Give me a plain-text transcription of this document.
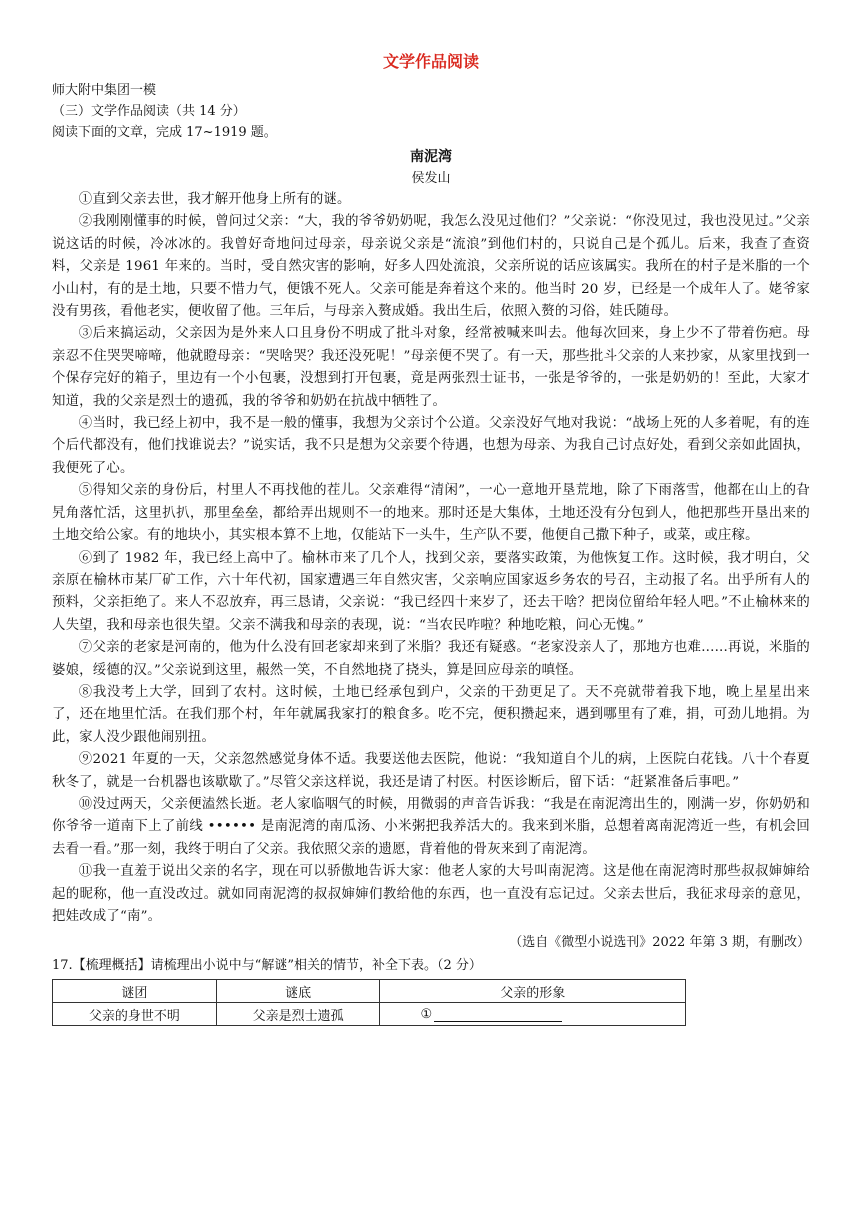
文学作品阅读
师大附中集团一模
（三）文学作品阅读（共 14 分）
阅读下面的文章，完成 17~1919 题。
南泥湾
侯发山

①直到父亲去世，我才解开他身上所有的谜。

②我刚刚懂事的时候，曾问过父亲：“大，我的爷爷奶奶呢，我怎么没见过他们？”父亲说：“你没见过，我也没见过。”父亲说这话的时候，冷冰冰的。我曾好奇地问过母亲，母亲说父亲是“流浪”到他们村的，只说自己是个孤儿。后来，我查了查资料，父亲是 1961 年来的。当时，受自然灾害的影响，好多人四处流浪，父亲所说的话应该属实。我所在的村子是米脂的一个小山村，有的是土地，只要不惜力气，便饿不死人。父亲可能是奔着这个来的。他当时 20 岁，已经是一个成年人了。姥爷家没有男孩，看他老实，便收留了他。三年后，与母亲入赘成婚。我出生后，依照入赘的习俗，娃氏随母。

③后来搞运动，父亲因为是外来人口且身份不明成了批斗对象，经常被喊来叫去。他每次回来，身上少不了带着伤疤。母亲忍不住哭哭啼啼，他就瞪母亲：“哭啥哭？我还没死呢！”母亲便不哭了。有一天，那些批斗父亲的人来抄家，从家里找到一个保存完好的箱子，里边有一个小包裹，没想到打开包裹，竟是两张烈士证书，一张是爷爷的，一张是奶奶的！至此，大家才知道，我的父亲是烈士的遗孤，我的爷爷和奶奶在抗战中牺牲了。

④当时，我已经上初中，我不是一般的懂事，我想为父亲讨个公道。父亲没好气地对我说：“战场上死的人多着呢，有的连个后代都没有，他们找谁说去？”说实话，我不只是想为父亲要个待遇，也想为母亲、为我自己讨点好处，看到父亲如此固执，我便死了心。

⑤得知父亲的身份后，村里人不再找他的茬儿。父亲难得“清闲”，一心一意地开垦荒地，除了下雨落雪，他都在山上的旮旯角落忙活，这里扒扒，那里垒垒，都给弄出规则不一的地来。那时还是大集体，土地还没有分包到人，他把那些开垦出来的土地交给公家。有的地块小，其实根本算不上地，仅能站下一头牛，生产队不要，他便自己撒下种子，或菜，或庄稼。

⑥到了 1982 年，我已经上高中了。榆林市来了几个人，找到父亲，要落实政策，为他恢复工作。这时候，我才明白，父亲原在榆林市某厂矿工作，六十年代初，国家遭遇三年自然灾害，父亲响应国家返乡务农的号召，主动报了名。出乎所有人的预料，父亲拒绝了。来人不忍放弃，再三恳请，父亲说：“我已经四十来岁了，还去干啥？把岗位留给年轻人吧。”不止榆林来的人失望，我和母亲也很失望。父亲不满我和母亲的表现，说：“当农民咋啦？种地吃粮，问心无愧。”

⑦父亲的老家是河南的，他为什么没有回老家却来到了米脂？我还有疑惑。“老家没亲人了，那地方也难......再说，米脂的婆娘，绥德的汉。”父亲说到这里，赧然一笑，不自然地挠了挠头，算是回应母亲的嗔怪。

⑧我没考上大学，回到了农村。这时候，土地已经承包到户，父亲的干劲更足了。天不亮就带着我下地，晚上星星出来了，还在地里忙活。在我们那个村，年年就属我家打的粮食多。吃不完，便积攒起来，遇到哪里有了难，捐，可劲儿地捐。为此，家人没少跟他闹别扭。

⑨2021 年夏的一天，父亲忽然感觉身体不适。我要送他去医院，他说：“我知道自个儿的病，上医院白花钱。八十个春夏秋冬了，就是一台机器也该歇歇了。”尽管父亲这样说，我还是请了村医。村医诊断后，留下话：“赶紧准备后事吧。”

⑩没过两天，父亲便溘然长逝。老人家临咽气的时候，用微弱的声音告诉我：“我是在南泥湾出生的，刚满一岁，你奶奶和你爷爷一道南下上了前线 •••••• 是南泥湾的南瓜汤、小米粥把我养活大的。我来到米脂，总想着离南泥湾近一些，有机会回去看一看。”那一刻，我终于明白了父亲。我依照父亲的遗愿，背着他的骨灰来到了南泥湾。

⑪我一直羞于说出父亲的名字，现在可以骄傲地告诉大家：他老人家的大号叫南泥湾。这是他在南泥湾时那些叔叔婶婶给起的昵称，他一直没改过。就如同南泥湾的叔叔婶婶们教给他的东西，也一直没有忘记过。父亲去世后，我征求母亲的意见，把娃改成了“南”。

（选自《微型小说选刊》2022 年第 3 期，有删改）
17.【梳理概括】请梳理出小说中与“解谜”相关的情节，补全下表。（2 分）
谜团	谜底	父亲的形象
父亲的身世不明	父亲是烈士遗孤	①
